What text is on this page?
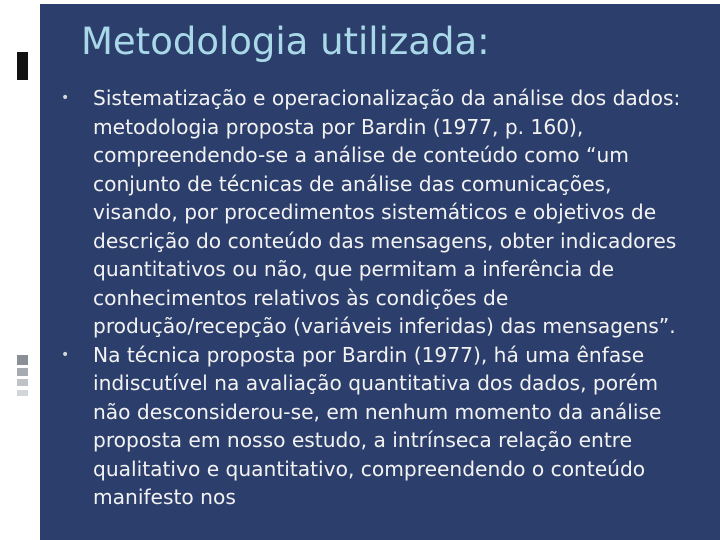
Metodologia utilizada:
• Sistematização e operacionalização da análise dos dados: metodologia proposta por Bardin (1977, p. 160), compreendendo-se a análise de conteúdo como “um conjunto de técnicas de análise das comunicações, visando, por procedimentos sistemáticos e objetivos de descrição do conteúdo das mensagens, obter indicadores quantitativos ou não, que permitam a inferência de conhecimentos relativos às condições de produção/recepção (variáveis inferidas) das mensagens”.
• Na técnica proposta por Bardin (1977), há uma ênfase indiscutível na avaliação quantitativa dos dados, porém não desconsiderou-se, em nenhum momento da análise proposta em nosso estudo, a intrínseca relação entre qualitativo e quantitativo, compreendendo o conteúdo manifesto nos
